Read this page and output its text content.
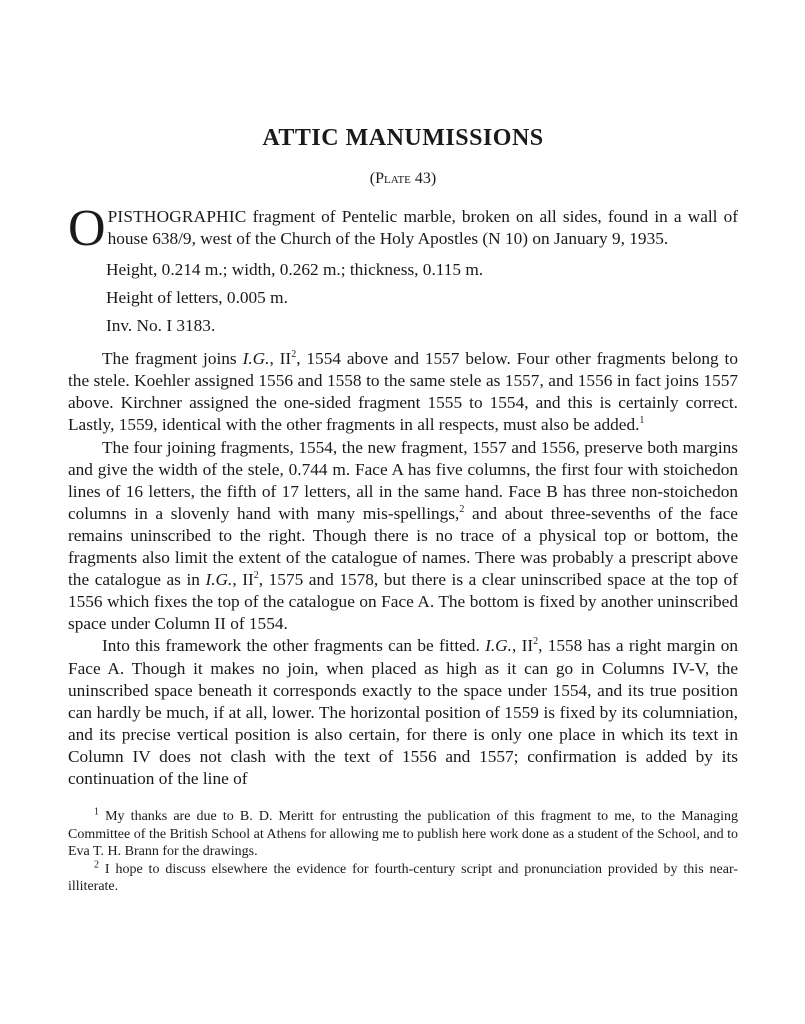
ATTIC MANUMISSIONS
(Plate 43)

OPISTHOGRAPHIC fragment of Pentelic marble, broken on all sides, found in a wall of house 638/9, west of the Church of the Holy Apostles (N 10) on January 9, 1935.

Height, 0.214 m.; width, 0.262 m.; thickness, 0.115 m.
Height of letters, 0.005 m.
Inv. No. I 3183.

The fragment joins I.G., $II^2$, 1554 above and 1557 below. Four other fragments belong to the stele. Koehler assigned 1556 and 1558 to the same stele as 1557, and 1556 in fact joins 1557 above. Kirchner assigned the one-sided fragment 1555 to 1554, and this is certainly correct. Lastly, 1559, identical with the other fragments in all respects, must also be added.$^1$

The four joining fragments, 1554, the new fragment, 1557 and 1556, preserve both margins and give the width of the stele, 0.744 m. Face A has five columns, the first four with stoichedon lines of 16 letters, the fifth of 17 letters, all in the same hand. Face B has three non-stoichedon columns in a slovenly hand with many mis-spellings,$^2$ and about three-sevenths of the face remains uninscribed to the right. Though there is no trace of a physical top or bottom, the fragments also limit the extent of the catalogue of names. There was probably a prescript above the catalogue as in I.G., $II^2$, 1575 and 1578, but there is a clear uninscribed space at the top of 1556 which fixes the top of the catalogue on Face A. The bottom is fixed by another uninscribed space under Column II of 1554.

Into this framework the other fragments can be fitted. I.G., $II^2$, 1558 has a right margin on Face A. Though it makes no join, when placed as high as it can go in Columns IV-V, the uninscribed space beneath it corresponds exactly to the space under 1554, and its true position can hardly be much, if at all, lower. The horizontal position of 1559 is fixed by its columniation, and its precise vertical position is also certain, for there is only one place in which its text in Column IV does not clash with the text of 1556 and 1557; confirmation is added by its continuation of the line of

$^1$ My thanks are due to B. D. Meritt for entrusting the publication of this fragment to me, to the Managing Committee of the British School at Athens for allowing me to publish here work done as a student of the School, and to Eva T. H. Brann for the drawings.

$^2$ I hope to discuss elsewhere the evidence for fourth-century script and pronunciation provided by this near-illiterate.
